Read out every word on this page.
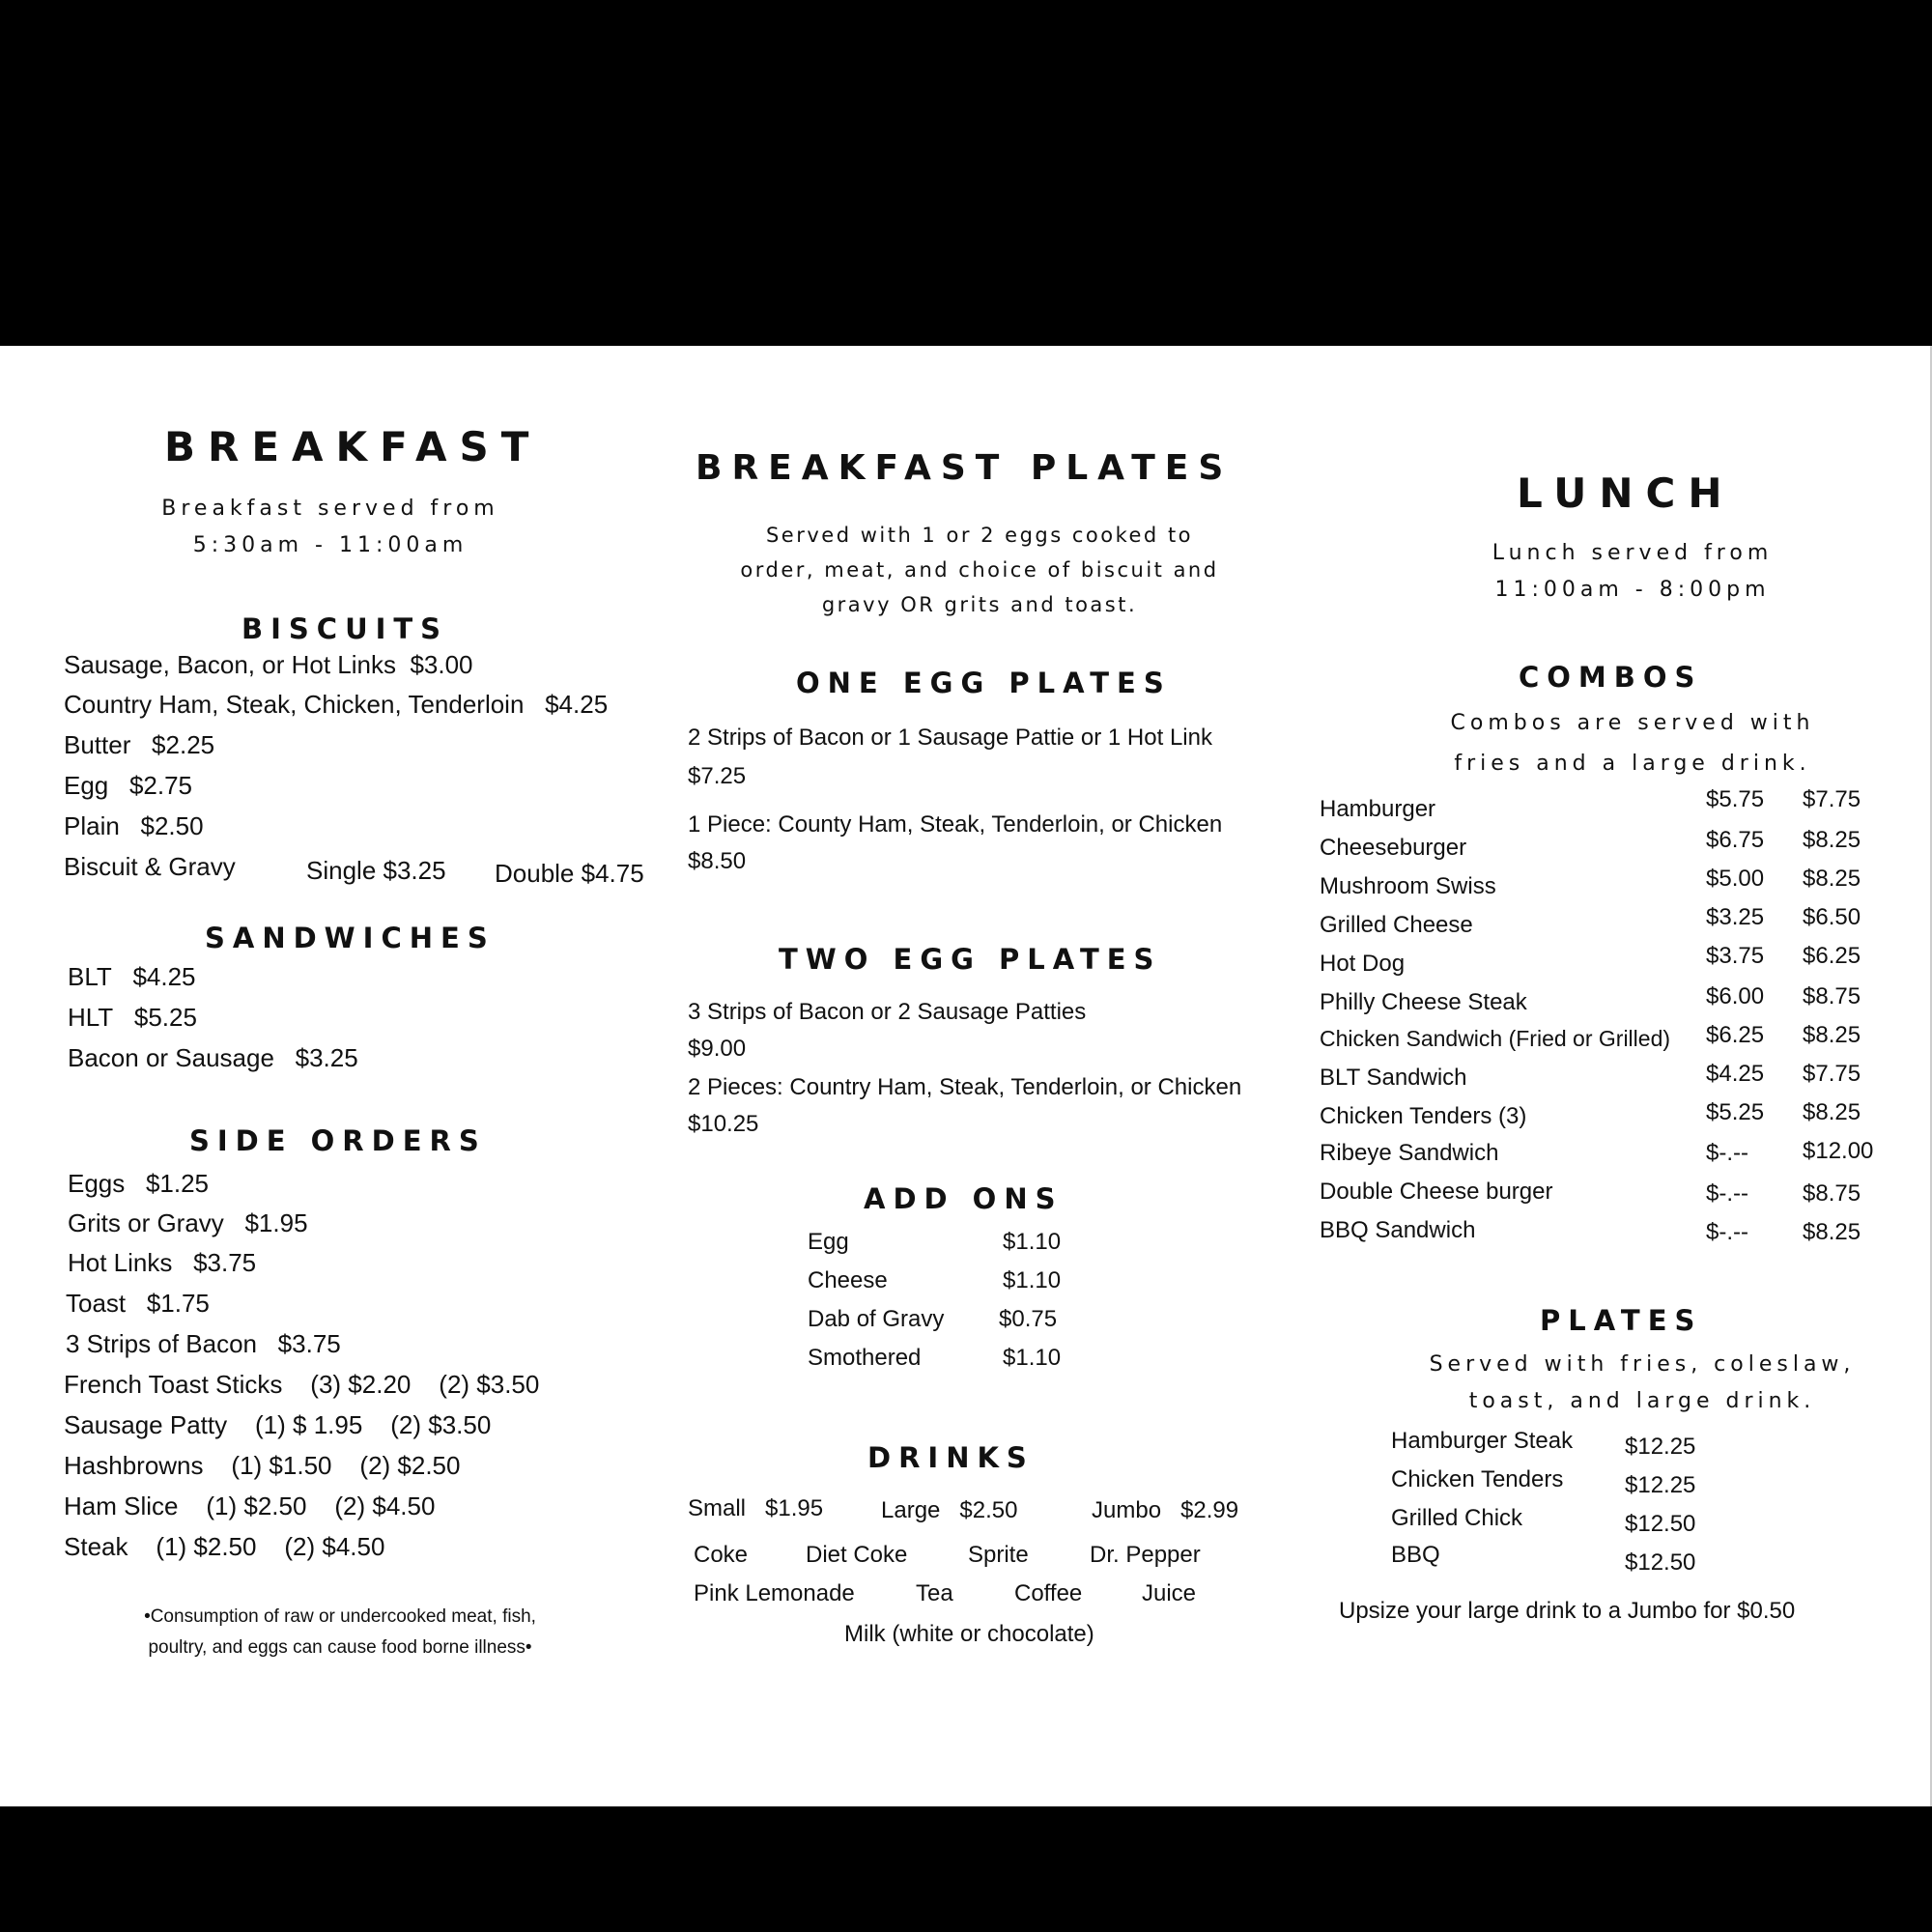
BREAKFAST
Breakfast served from
5:30am - 11:00am
BISCUITS
Sausage, Bacon, or Hot Links $3.00
Country Ham, Steak, Chicken, Tenderloin $4.25
Butter $2.25
Egg $2.75
Plain $2.50
Biscuit & Gravy	Single $3.25 Double $4.75
SANDWICHES
BLT $4.25
HLT $5.25
Bacon or Sausage $3.25
SIDE ORDERS
Eggs $1.25
Grits or Gravy $1.95
Hot Links $3.75
Toast $1.75
3 Strips of Bacon $3.75
French Toast Sticks (3) $2.20 (2) $3.50
Sausage Patty (1) $ 1.95 (2) $3.50
Hashbrowns (1) $1.50 (2) $2.50
Ham Slice (1) $2.50 (2) $4.50
Steak (1) $2.50 (2) $4.50
•Consumption of raw or undercooked meat, fish,
poultry, and eggs can cause food borne illness•
BREAKFAST PLATES
Served with 1 or 2 eggs cooked to
order, meat, and choice of biscuit and
gravy OR grits and toast.
ONE EGG PLATES
2 Strips of Bacon or 1 Sausage Pattie or 1 Hot Link
$7.25
1 Piece: County Ham, Steak, Tenderloin, or Chicken
$8.50
TWO EGG PLATES
3 Strips of Bacon or 2 Sausage Patties
$9.00
2 Pieces: Country Ham, Steak, Tenderloin, or Chicken
$10.25
ADD ONS
Egg	$1.10
Cheese	$1.10
Dab of Gravy $0.75
Smothered	$1.10
DRINKS
Small $1.95 Large $2.50	Jumbo $2.99
Coke Diet Coke	Sprite	Dr. Pepper
Pink Lemonade	Tea	Coffee	Juice
Milk (white or chocolate)
LUNCH
Lunch served from
11:00am - 8:00pm
COMBOS
Combos are served with
fries and a large drink.
Hamburger	$5.75 $7.75
Cheeseburger	$6.75 $8.25
Mushroom Swiss	$5.00 $8.25
Grilled Cheese	$3.25 $6.50
Hot Dog	$3.75 $6.25
Philly Cheese Steak	$6.00 $8.75
Chicken Sandwich (Fried or Grilled) $6.25 $8.25
BLT Sandwich	$4.25 $7.75
Chicken Tenders (3)	$5.25 $8.25
Ribeye Sandwich	$-.-- $12.00
Double Cheese burger	$-.-- $8.75
BBQ Sandwich	$-.-- $8.25
PLATES
Served with fries, coleslaw,
toast, and large drink.
Hamburger Steak $12.25
Chicken Tenders	$12.25
Grilled Chick	$12.50
BBQ	$12.50
Upsize your large drink to a Jumbo for $0.50
